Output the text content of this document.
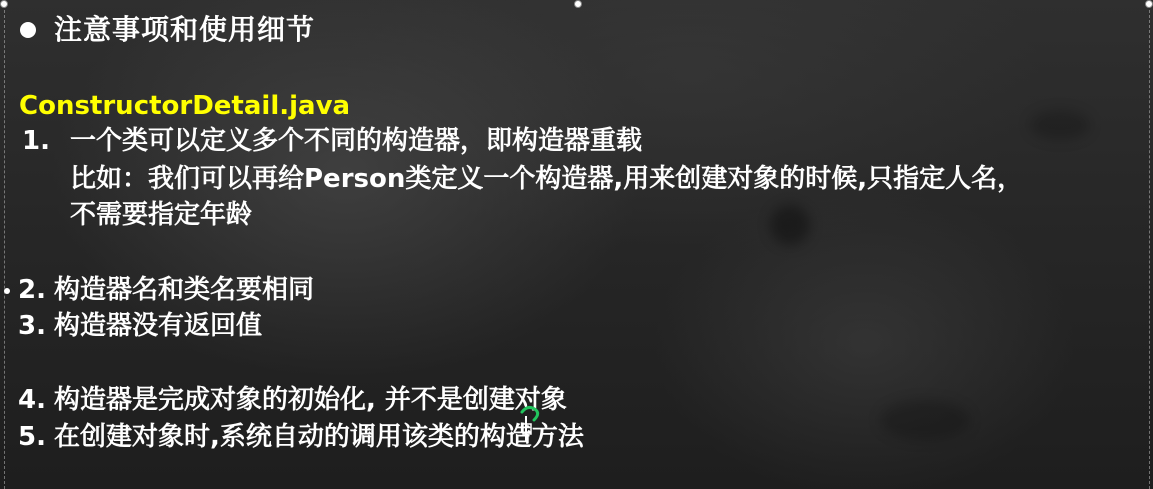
注意事项和使用细节
ConstructorDetail.java
1. 一个类可以定义多个不同的构造器，即构造器重载
比如：我们可以再给Person类定义一个构造器,用来创建对象的时候,只指定人名，
不需要指定年龄
2. 构造器名和类名要相同
3. 构造器没有返回值
4. 构造器是完成对象的初始化, 并不是创建对象
5. 在创建对象时,系统自动的调用该类的构造方法
